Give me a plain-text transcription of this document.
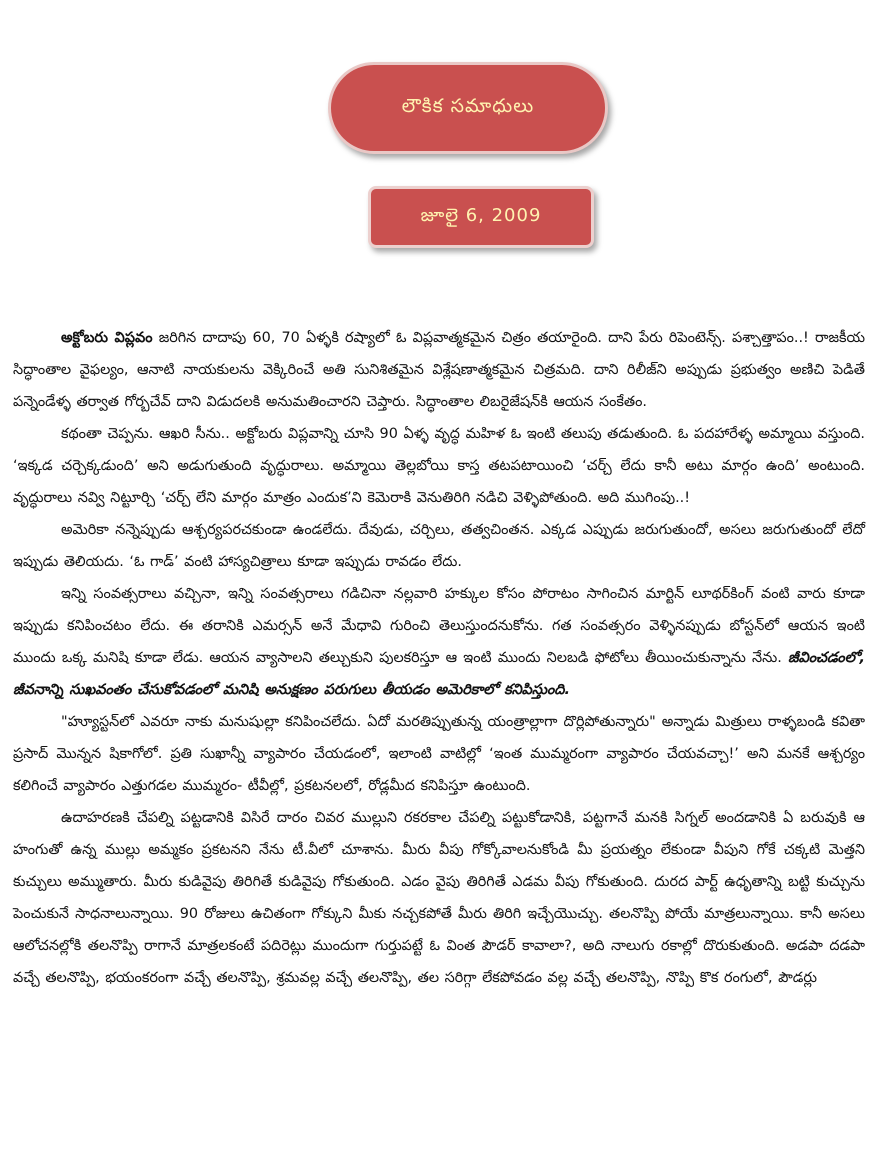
లౌకిక సమాధులు
జూలై 6, 2009

అక్టోబరు విప్లవం జరిగిన దాదాపు 60, 70 ఏళ్ళకి రష్యాలో ఓ విప్లవాత్మకమైన చిత్రం తయారైంది. దాని పేరు రిపెంటెన్స్. పశ్చాత్తాపం..! రాజకీయ సిద్ధాంతాల వైఫల్యం, ఆనాటి నాయకులను వెక్కిరించే అతి సునిశితమైన విశ్లేషణాత్మకమైన చిత్రమది. దాని రిలీజ్‌ని అప్పుడు ప్రభుత్వం అణిచి పెడితే పన్నెండేళ్ళ తర్వాత గోర్బచేవ్ దాని విడుదలకి అనుమతించారని చెప్తారు. సిద్ధాంతాల లిబరైజేషన్‌కి ఆయన సంకేతం.

కథంతా చెప్పను. ఆఖరి సీను.. అక్టోబరు విప్లవాన్ని చూసి 90 ఏళ్ళ వృద్ధ మహిళ ఓ ఇంటి తలుపు తడుతుంది. ఓ పదహారేళ్ళ అమ్మాయి వస్తుంది. ‘ఇక్కడ చర్చెక్కడుంది’ అని అడుగుతుంది వృద్ధురాలు. అమ్మాయి తెల్లబోయి కాస్త తటపటాయించి ‘చర్చ్ లేదు కానీ అటు మార్గం ఉంది’ అంటుంది. వృద్ధురాలు నవ్వి నిట్టూర్చి ‘చర్చ్ లేని మార్గం మాత్రం ఎందుక’ని కెమెరాకి వెనుతిరిగి నడిచి వెళ్ళిపోతుంది. అది ముగింపు..!

అమెరికా నన్నెప్పుడు ఆశ్చర్యపరచకుండా ఉండలేదు. దేవుడు, చర్చిలు, తత్వచింతన. ఎక్కడ ఎప్పుడు జరుగుతుందో, అసలు జరుగుతుందో లేదో ఇప్పుడు తెలియదు. ‘ఓ గాడ్’ వంటి హాస్యచిత్రాలు కూడా ఇప్పుడు రావడం లేదు.

ఇన్ని సంవత్సరాలు వచ్చినా, ఇన్ని సంవత్సరాలు గడిచినా నల్లవారి హక్కుల కోసం పోరాటం సాగించిన మార్టిన్ లూథర్‌కింగ్ వంటి వారు కూడా ఇప్పుడు కనిపించటం లేదు. ఈ తరానికి ఎమర్సన్ అనే మేధావి గురించి తెలుస్తుందనుకోను. గత సంవత్సరం వెళ్ళినప్పుడు బోస్టన్‌లో ఆయన ఇంటి ముందు ఒక్క మనిషి కూడా లేడు. ఆయన వ్యాసాలని తల్చుకుని పులకరిస్తూ ఆ ఇంటి ముందు నిలబడి ఫోటోలు తీయించుకున్నాను నేను. జీవించడంలో, జీవనాన్ని సుఖవంతం చేసుకోవడంలో మనిషి అనుక్షణం పరుగులు తీయడం అమెరికాలో కనిపిస్తుంది.

"హ్యూస్టన్‌లో ఎవరూ నాకు మనుషుల్లా కనిపించలేదు. ఏదో మరతిప్పుతున్న యంత్రాల్లాగా దొర్లిపోతున్నారు" అన్నాడు మిత్రులు రాళ్ళబండి కవితా ప్రసాద్ మొన్నన షికాగోలో. ప్రతి సుఖాన్నీ వ్యాపారం చేయడంలో, ఇలాంటి వాటిల్లో ‘ఇంత ముమ్మరంగా వ్యాపారం చేయవచ్చా!’ అని మనకే ఆశ్చర్యం కలిగించే వ్యాపారం ఎత్తుగడల ముమ్మరం- టీవీల్లో, ప్రకటనలలో, రోడ్లమీద కనిపిస్తూ ఉంటుంది.

ఉదాహరణకి చేపల్ని పట్టడానికి విసిరే దారం చివర ముల్లుని రకరకాల చేపల్ని పట్టుకోడానికి, పట్టగానే మనకి సిగ్నల్ అందడానికి ఏ బరువుకి ఆ హంగుతో ఉన్న ముల్లు అమ్మకం ప్రకటనని నేను టీ.వీలో చూశాను. మీరు వీపు గోక్కోవాలనుకోండి మీ ప్రయత్నం లేకుండా వీపుని గోకే చక్కటి మెత్తని కుచ్చులు అమ్ముతారు. మీరు కుడివైపు తిరిగితే కుడివైపు గోకుతుంది. ఎడం వైపు తిరిగితే ఎడమ వీపు గోకుతుంది. దురద పార్ట్ ఉధృతాన్ని బట్టి కుచ్చును పెంచుకునే సాధనాలున్నాయి. 90 రోజులు ఉచితంగా గోక్కుని మీకు నచ్చకపోతే మీరు తిరిగి ఇచ్చేయొచ్చు. తలనొప్పి పోయే మాత్రలున్నాయి. కానీ అసలు ఆలోచనల్లోకి తలనొప్పి రాగానే మాత్రలకంటే పదిరెట్లు ముందుగా గుర్తుపట్టే ఓ వింత పౌడర్ కావాలా?, అది నాలుగు రకాల్లో దొరుకుతుంది. అడపా దడపా వచ్చే తలనొప్పి, భయంకరంగా వచ్చే తలనొప్పి, శ్రమవల్ల వచ్చే తలనొప్పి, తల సరిగ్గా లేకపోవడం వల్ల వచ్చే తలనొప్పి, నొప్పి కొక రంగులో, పౌడర్లు
